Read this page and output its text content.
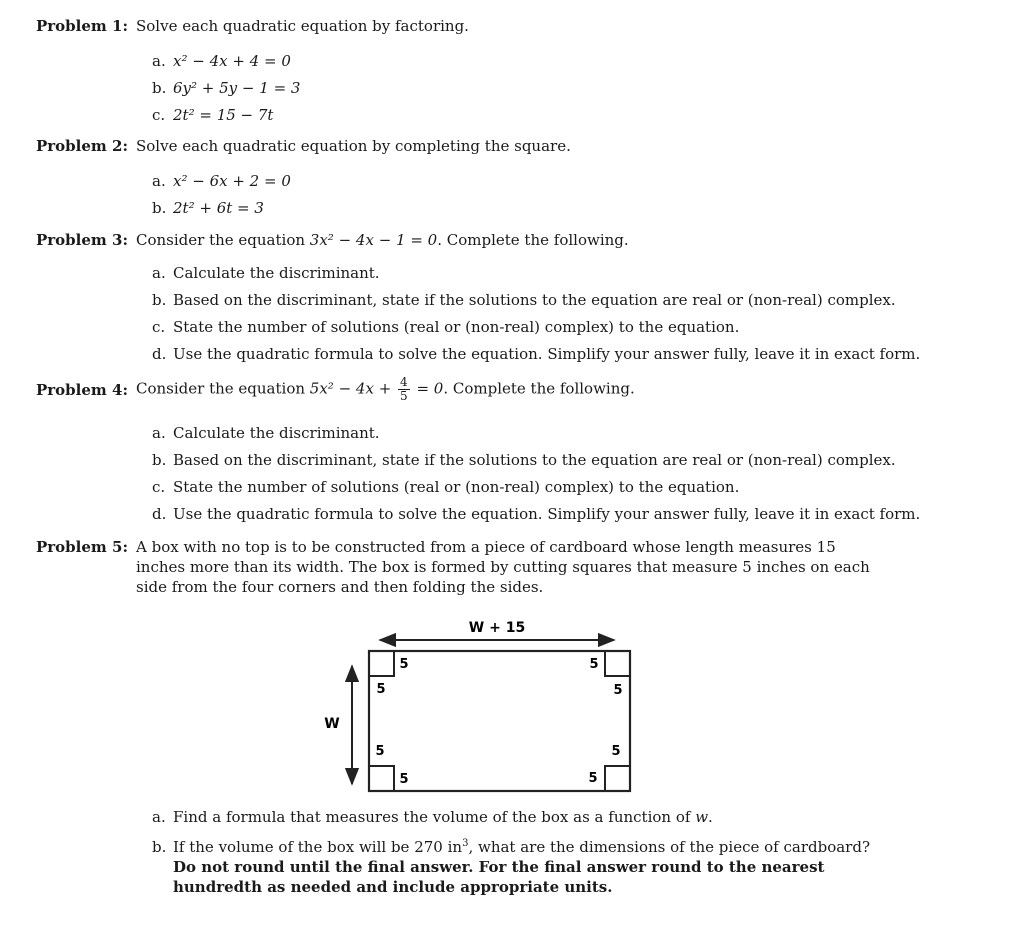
Problem 1: Solve each quadratic equation by factoring.
a. x² − 4x + 4 = 0
b. 6y² + 5y − 1 = 3
c. 2t² = 15 − 7t
Problem 2: Solve each quadratic equation by completing the square.
a. x² − 6x + 2 = 0
b. 2t² + 6t = 3
Problem 3: Consider the equation 3x² − 4x − 1 = 0. Complete the following.
a. Calculate the discriminant.
b. Based on the discriminant, state if the solutions to the equation are real or (non-real) complex.
c. State the number of solutions (real or (non-real) complex) to the equation.
d. Use the quadratic formula to solve the equation. Simplify your answer fully, leave it in exact form.
Problem 4: Consider the equation $5x^2 - 4x + \frac{4}{5} = 0$. Complete the following.
a. Calculate the discriminant.
b. Based on the discriminant, state if the solutions to the equation are real or (non-real) complex.
c. State the number of solutions (real or (non-real) complex) to the equation.
d. Use the quadratic formula to solve the equation. Simplify your answer fully, leave it in exact form.
Problem 5: A box with no top is to be constructed from a piece of cardboard whose length measures 15 inches more than its width. The box is formed by cutting squares that measure 5 inches on each side from the four corners and then folding the sides.
W + 15
W
5
5
5
5
5
5
5
5
a. Find a formula that measures the volume of the box as a function of w.
b. If the volume of the box will be 270 $in^3$, what are the dimensions of the piece of cardboard? Do not round until the final answer. For the final answer round to the nearest hundredth as needed and include appropriate units.
